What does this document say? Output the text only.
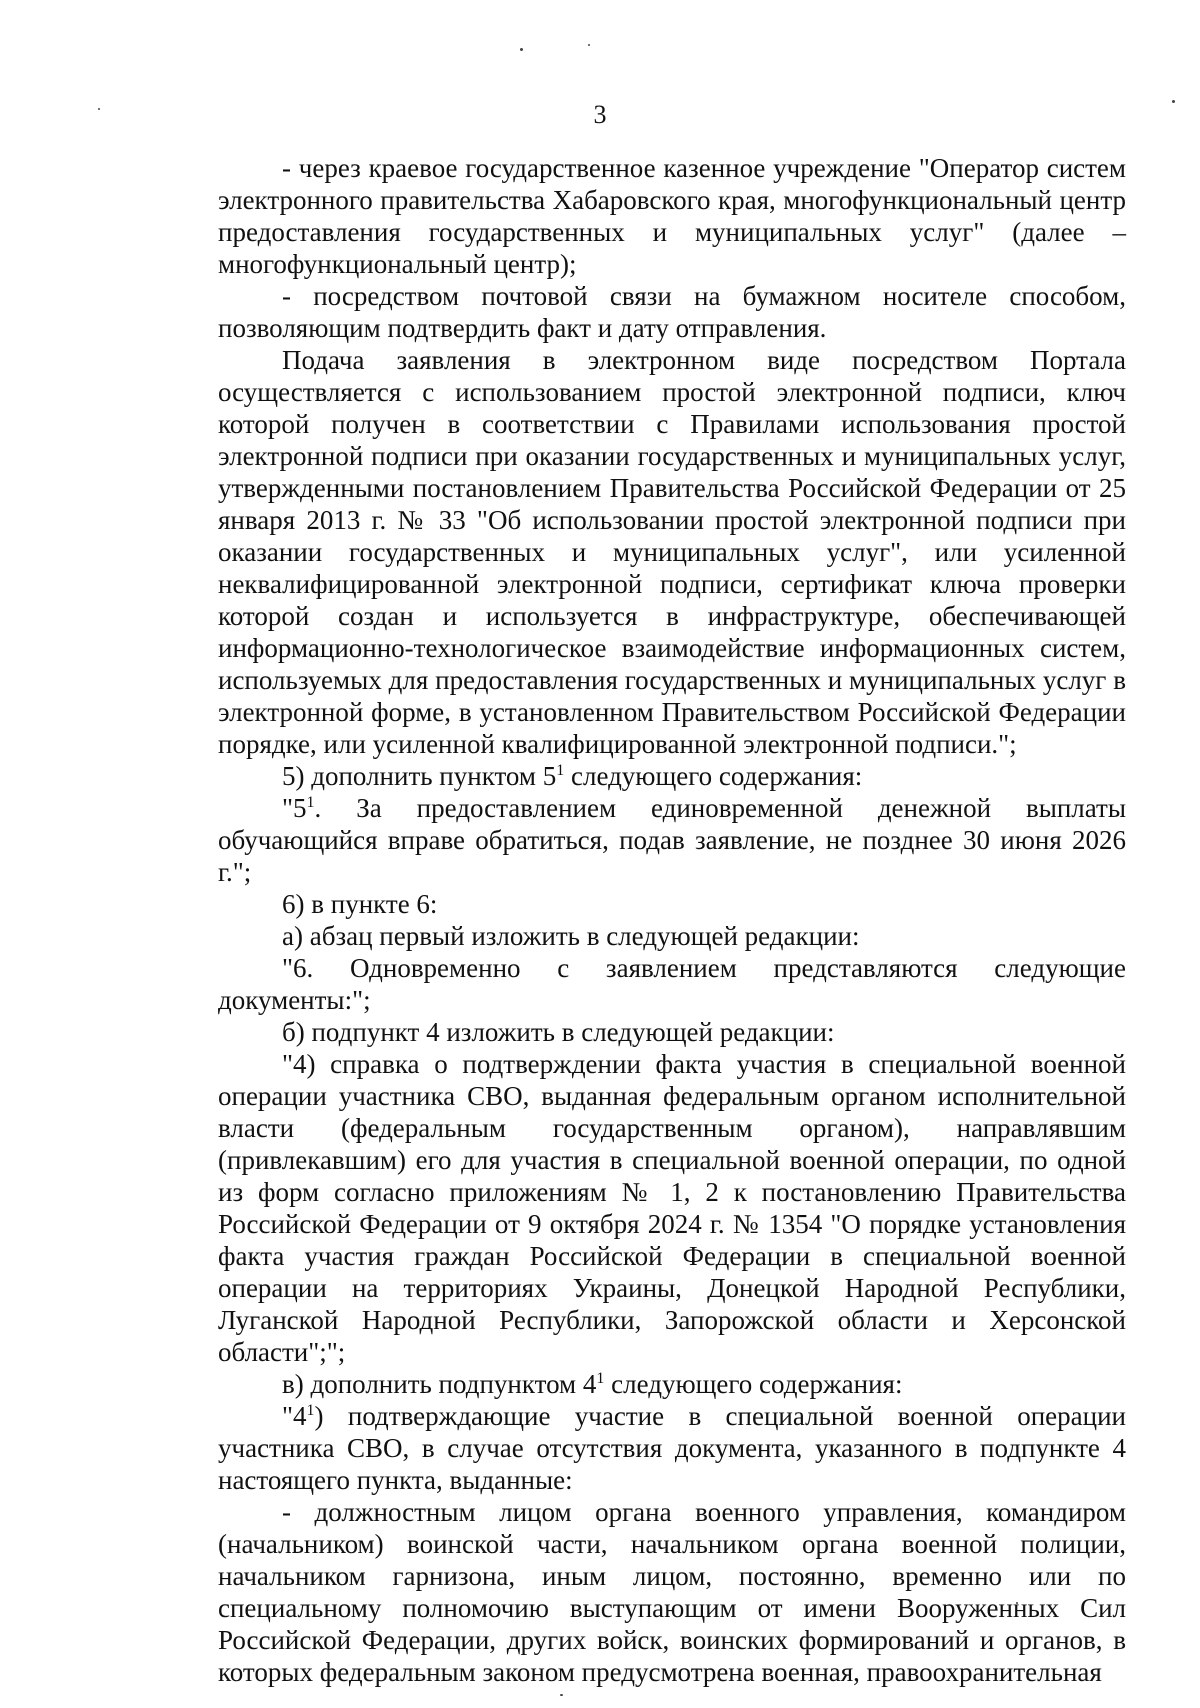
3

- через краевое государственное казенное учреждение "Оператор систем электронного правительства Хабаровского края, многофункциональный центр предоставления государственных и муниципальных услуг" (далее – многофункциональный центр);

- посредством почтовой связи на бумажном носителе способом, позволяющим подтвердить факт и дату отправления.

Подача заявления в электронном виде посредством Портала осуществляется с использованием простой электронной подписи, ключ которой получен в соответствии с Правилами использования простой электронной подписи при оказании государственных и муниципальных услуг, утвержденными постановлением Правительства Российской Федерации от 25 января 2013 г. № 33 "Об использовании простой электронной подписи при оказании государственных и муниципальных услуг", или усиленной неквалифицированной электронной подписи, сертификат ключа проверки которой создан и используется в инфраструктуре, обеспечивающей информационно-технологическое взаимодействие информационных систем, используемых для предоставления государственных и муниципальных услуг в электронной форме, в установленном Правительством Российской Федерации порядке, или усиленной квалифицированной электронной подписи.";

5) дополнить пунктом $5^1$ следующего содержания:

"$5^1$. За предоставлением единовременной денежной выплаты обучающийся вправе обратиться, подав заявление, не позднее 30 июня 2026 г.";

6) в пункте 6:

а) абзац первый изложить в следующей редакции:

"6. Одновременно с заявлением представляются следующие документы:";

б) подпункт 4 изложить в следующей редакции:

"4) справка о подтверждении факта участия в специальной военной операции участника СВО, выданная федеральным органом исполнительной власти (федеральным государственным органом), направлявшим (привлекавшим) его для участия в специальной военной операции, по одной из форм согласно приложениям № 1, 2 к постановлению Правительства Российской Федерации от 9 октября 2024 г. № 1354 "О порядке установления факта участия граждан Российской Федерации в специальной военной операции на территориях Украины, Донецкой Народной Республики, Луганской Народной Республики, Запорожской области и Херсонской области";";

в) дополнить подпунктом $4^1$ следующего содержания:

"$4^1$) подтверждающие участие в специальной военной операции участника СВО, в случае отсутствия документа, указанного в подпункте 4 настоящего пункта, выданные:

- должностным лицом органа военного управления, командиром (начальником) воинской части, начальником органа военной полиции, начальником гарнизона, иным лицом, постоянно, временно или по специальному полномочию выступающим от имени Вооруженных Сил Российской Федерации, других войск, воинских формирований и органов, в которых федеральным законом предусмотрена военная, правоохранительная
